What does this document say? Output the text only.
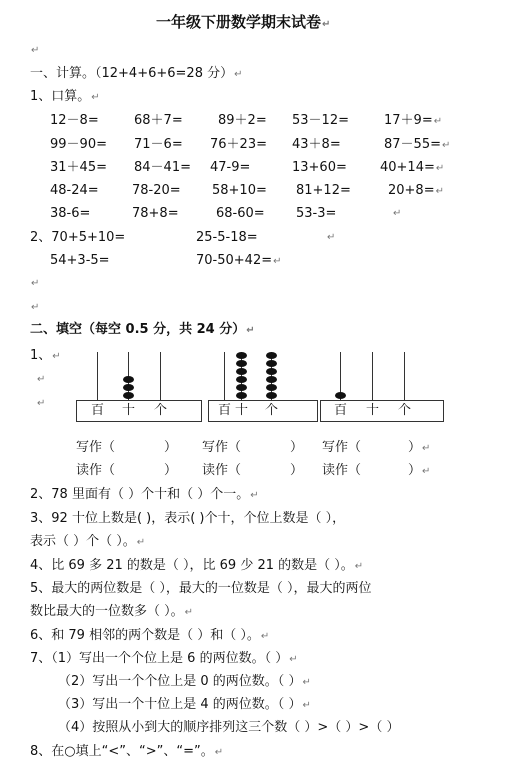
一年级下册数学期末试卷↵
↵
一、计算。（12+4+6+6=28 分）↵
1、口算。↵
12－8=	68＋7=	89＋2= 53－12=	17＋9=↵
99－90= 71－6= 76＋23= 43＋8=	87－55=↵
31＋45= 84－41= 47-9=	13+60=	40+14=↵
48-24=	78-20= 58+10= 81+12=	20+8=↵
38-6=	78+8=	68-60= 53-3=	↵
2、70+5+10=	25-5-18=	↵
54+3-5=	70-50+42=↵
↵
↵
二、填空（每空 0.5 分，共 24 分）↵
1、↵
↵
↵	百 十 个	百 十 个	百 十 个
写作（	） 写作（	） 写作（	）↵
读作（	） 读作（	） 读作（	）↵
2、78 里面有（ ）个十和（ ）个一。↵
3、92 十位上数是( )，表示( )个十，个位上数是（ ），
表示（ ）个（ ）。↵
4、比 69 多 21 的数是（ ），比 69 少 21 的数是（ ）。↵
5、最大的两位数是（ ），最大的一位数是（ ），最大的两位
数比最大的一位数多（ ）。↵
6、和 79 相邻的两个数是（ ）和（ ）。↵
7、（1）写出一个个位上是 6 的两位数。（ ）↵
（2）写出一个个位上是 0 的两位数。（ ）↵
（3）写出一个十位上是 4 的两位数。（ ）↵
（4）按照从小到大的顺序排列这三个数（ ）>（ ）>（ ）
8、在○填上“<”、“>”、“=”。↵
